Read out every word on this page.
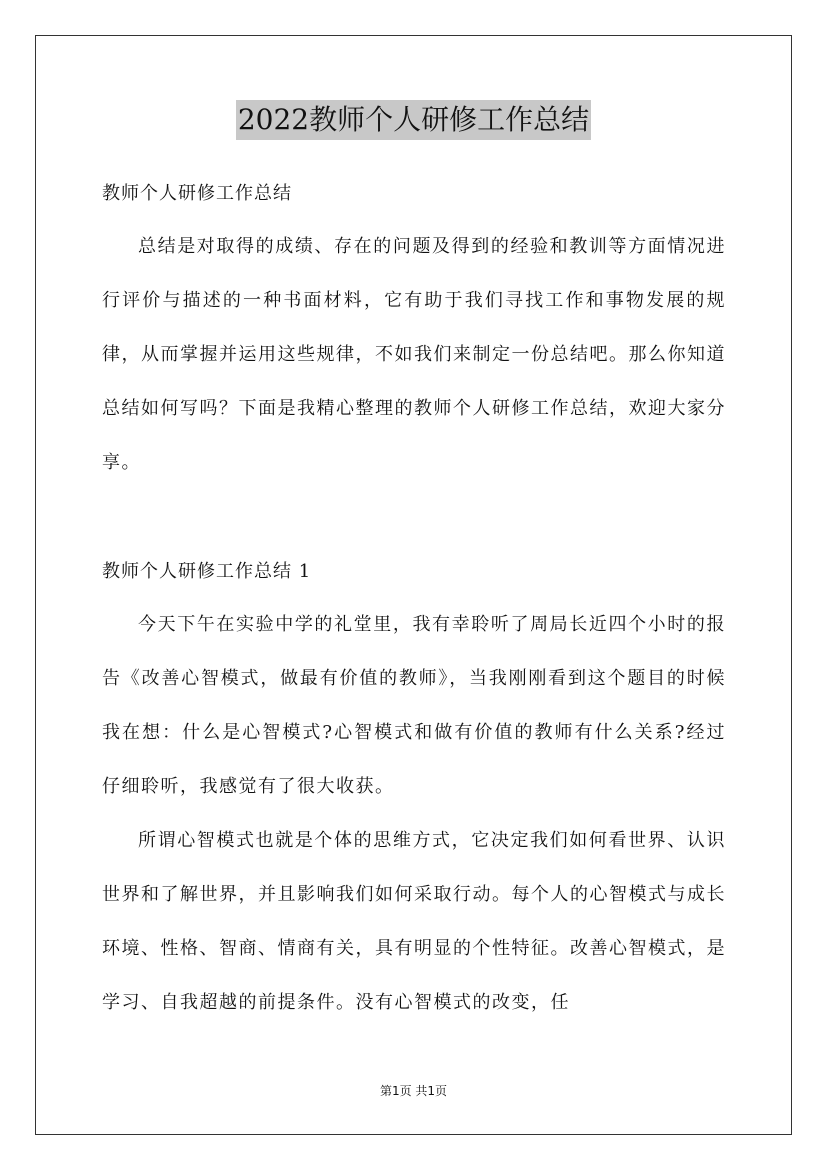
2022教师个人研修工作总结
教师个人研修工作总结
总结是对取得的成绩、存在的问题及得到的经验和教训等方面情况进行评价与描述的一种书面材料，它有助于我们寻找工作和事物发展的规律，从而掌握并运用这些规律，不如我们来制定一份总结吧。那么你知道总结如何写吗？下面是我精心整理的教师个人研修工作总结，欢迎大家分享。
教师个人研修工作总结 1
今天下午在实验中学的礼堂里，我有幸聆听了周局长近四个小时的报告《改善心智模式，做最有价值的教师》，当我刚刚看到这个题目的时候我在想：什么是心智模式?心智模式和做有价值的教师有什么关系?经过仔细聆听，我感觉有了很大收获。
所谓心智模式也就是个体的思维方式，它决定我们如何看世界、认识世界和了解世界，并且影响我们如何采取行动。每个人的心智模式与成长环境、性格、智商、情商有关，具有明显的个性特征。改善心智模式，是学习、自我超越的前提条件。没有心智模式的改变，任
第1页 共1页
